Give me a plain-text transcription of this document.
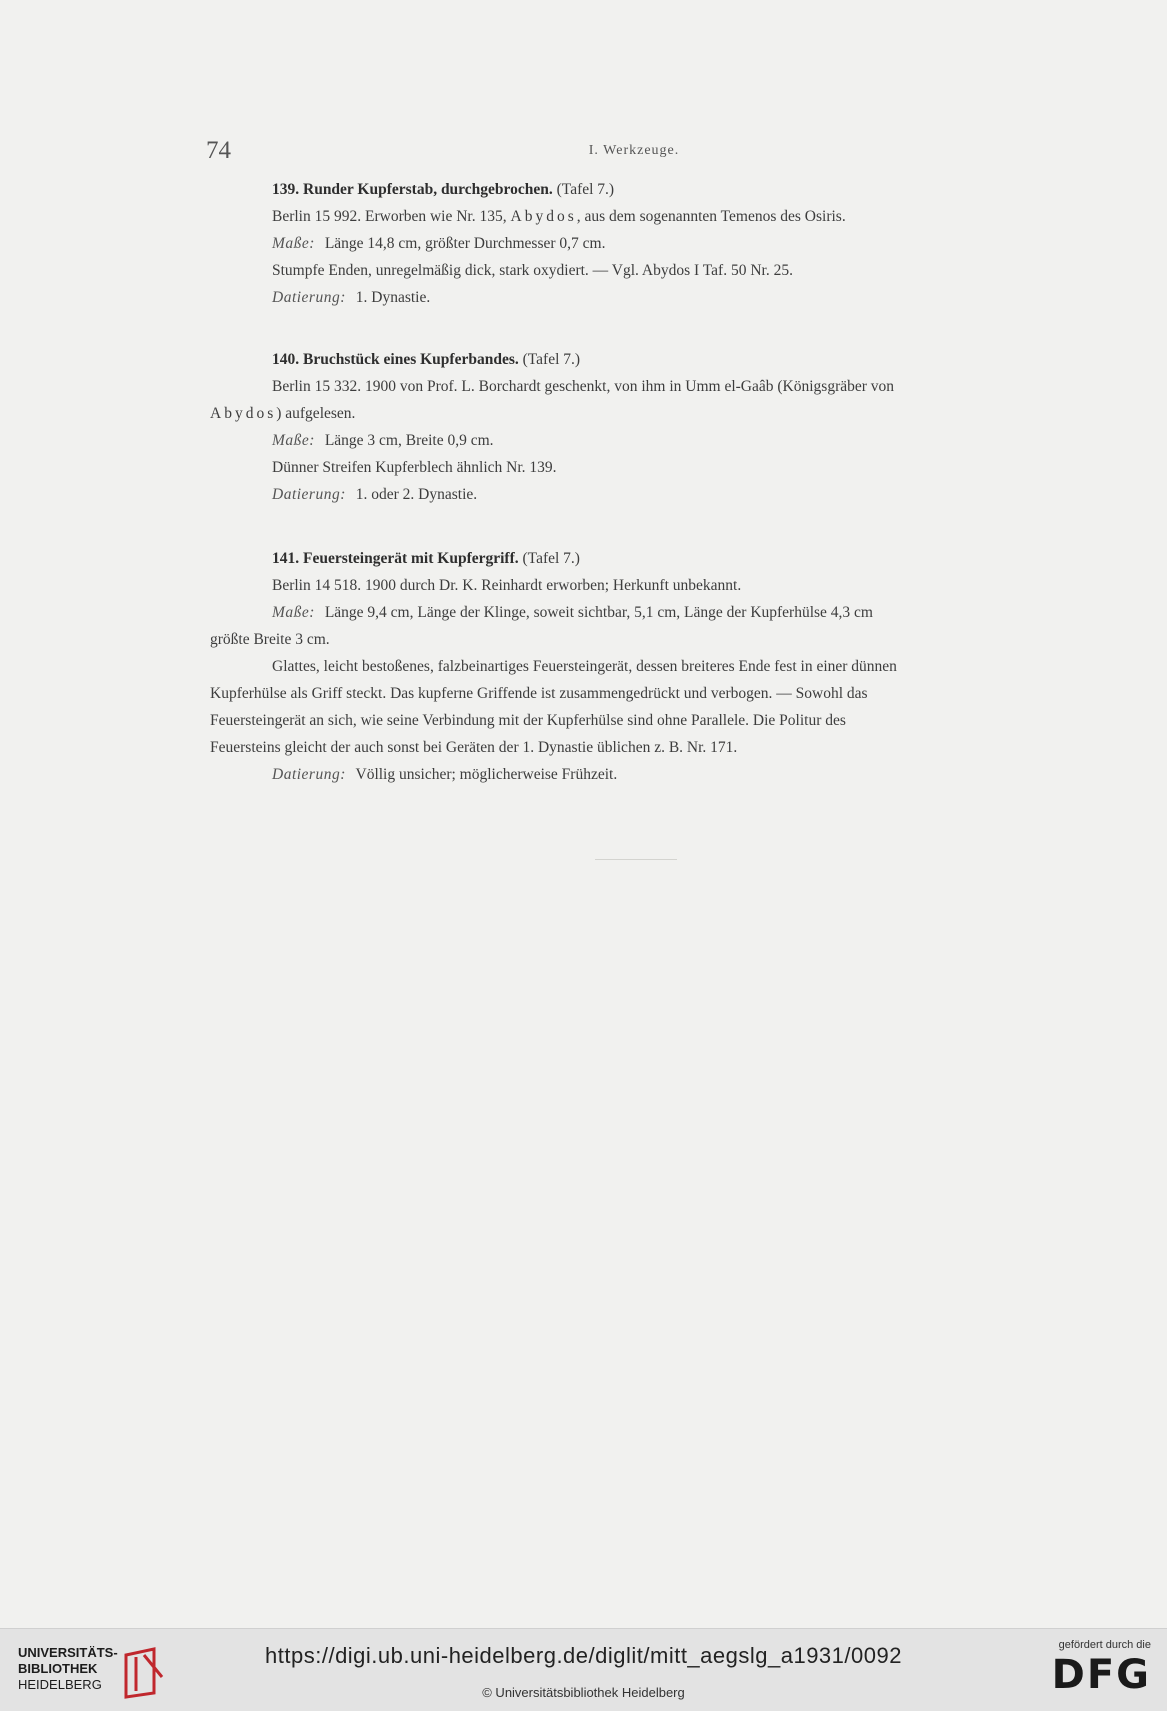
74	I. Werkzeuge.
139. Runder Kupferstab, durchgebrochen. (Tafel 7.)
Berlin 15 992. Erworben wie Nr. 135, Abydos, aus dem sogenannten Temenos des Osiris.
Maße: Länge 14,8 cm, größter Durchmesser 0,7 cm.
Stumpfe Enden, unregelmäßig dick, stark oxydiert. — Vgl. Abydos I Taf. 50 Nr. 25.
Datierung: 1. Dynastie.
140. Bruchstück eines Kupferbandes. (Tafel 7.)
Berlin 15 332. 1900 von Prof. L. Borchardt geschenkt, von ihm in Umm el-Gaâb (Königsgräber von
Abydos) aufgelesen.
Maße: Länge 3 cm, Breite 0,9 cm.
Dünner Streifen Kupferblech ähnlich Nr. 139.
Datierung: 1. oder 2. Dynastie.
141. Feuersteingerät mit Kupfergriff. (Tafel 7.)
Berlin 14 518. 1900 durch Dr. K. Reinhardt erworben; Herkunft unbekannt.
Maße: Länge 9,4 cm, Länge der Klinge, soweit sichtbar, 5,1 cm, Länge der Kupferhülse 4,3 cm
größte Breite 3 cm.
Glattes, leicht bestoßenes, falzbeinartiges Feuersteingerät, dessen breiteres Ende fest in einer dünnen
Kupferhülse als Griff steckt. Das kupferne Griffende ist zusammengedrückt und verbogen. — Sowohl das
Feuersteingerät an sich, wie seine Verbindung mit der Kupferhülse sind ohne Parallele. Die Politur des
Feuersteins gleicht der auch sonst bei Geräten der 1. Dynastie üblichen z. B. Nr. 171.
Datierung: Völlig unsicher; möglicherweise Frühzeit.
UNIVERSITÄTS-
BIBLIOTHEK
HEIDELBERG
https://digi.ub.uni-heidelberg.de/diglit/mitt_aegslg_a1931/0092
© Universitätsbibliothek Heidelberg
gefördert durch die
DFG
